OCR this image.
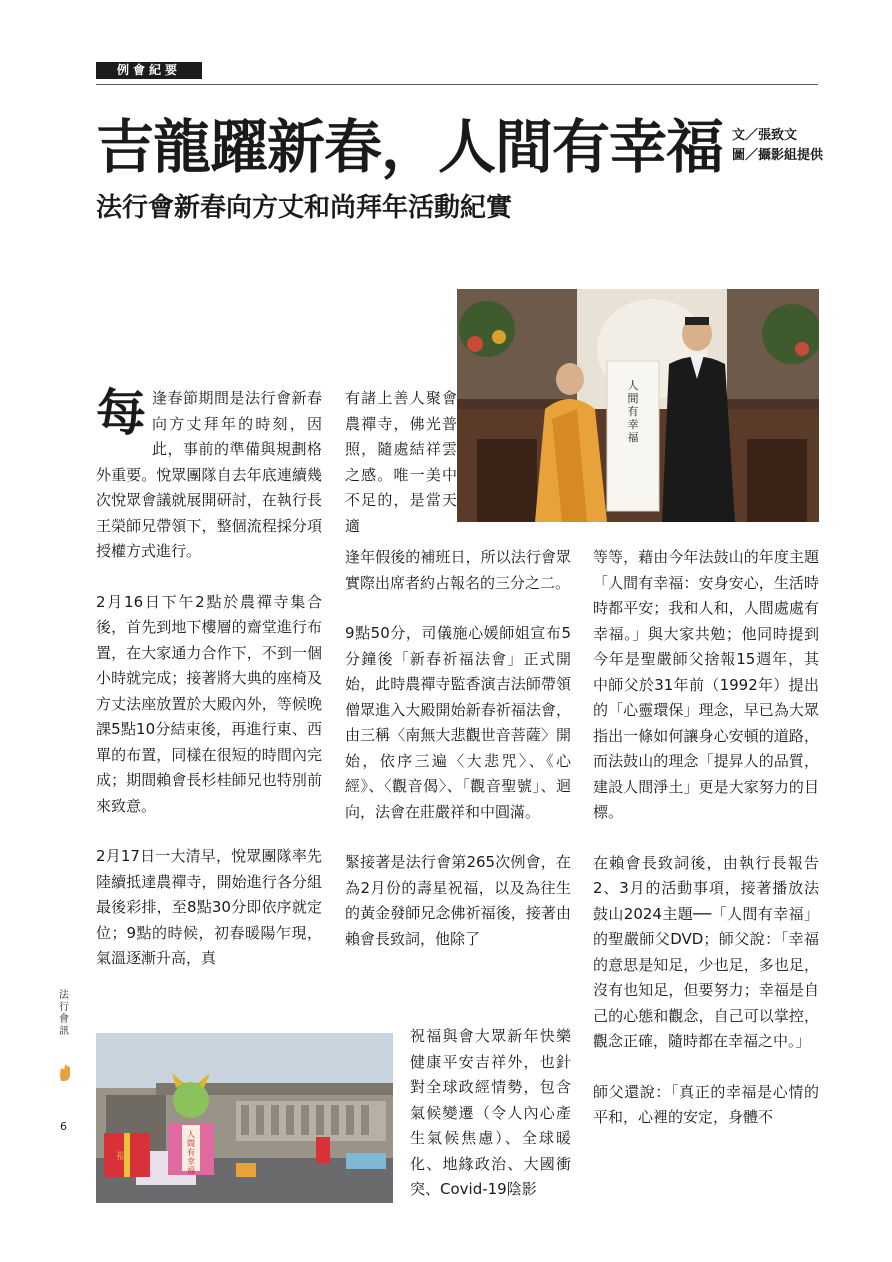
例會紀要
吉龍躍新春，人間有幸福
法行會新春向方丈和尚拜年活動紀實
文／張致文
圖／攝影組提供
人間有幸福

每逢春節期間是法行會新春向方丈拜年的時刻，因此，事前的準備與規劃格外重要。悅眾團隊自去年底連續幾次悅眾會議就展開研討，在執行長王榮師兄帶領下，整個流程採分項授權方式進行。

2月16日下午2點於農禪寺集合後，首先到地下樓層的齋堂進行布置，在大家通力合作下，不到一個小時就完成；接著將大典的座椅及方丈法座放置於大殿內外，等候晚課5點10分結束後，再進行東、西單的布置，同樣在很短的時間內完成；期間賴會長杉桂師兄也特別前來致意。

2月17日一大清早，悅眾團隊率先陸續抵達農禪寺，開始進行各分組最後彩排，至8點30分即依序就定位；9點的時候，初春暖陽乍現，氣溫逐漸升高，真

有諸上善人聚會農禪寺，佛光普照，隨處結祥雲之感。唯一美中不足的，是當天適

逢年假後的補班日，所以法行會眾實際出席者約占報名的三分之二。

9點50分，司儀施心媛師姐宣布5分鐘後「新春祈福法會」正式開始，此時農禪寺監香演吉法師帶領僧眾進入大殿開始新春祈福法會，由三稱〈南無大悲觀世音菩薩〉開始，依序三遍〈大悲咒〉、《心經》、〈觀音偈〉、「觀音聖號」、迴向，法會在莊嚴祥和中圓滿。

緊接著是法行會第265次例會，在為2月份的壽星祝福，以及為往生的黃金發師兄念佛祈福後，接著由賴會長致詞，他除了

祝福與會大眾新年快樂健康平安吉祥外，也針對全球政經情勢，包含氣候變遷（令人內心產生氣候焦慮）、全球暖化、地緣政治、大國衝突、Covid-19陰影

等等，藉由今年法鼓山的年度主題「人間有幸福：安身安心，生活時時都平安；我和人和，人間處處有幸福。」與大家共勉；他同時提到今年是聖嚴師父捨報15週年，其中師父於31年前（1992年）提出的「心靈環保」理念，早已為大眾指出一條如何讓身心安頓的道路，而法鼓山的理念「提昇人的品質，建設人間淨土」更是大家努力的目標。

在賴會長致詞後，由執行長報告2、3月的活動事項，接著播放法鼓山2024主題──「人間有幸福」的聖嚴師父DVD；師父說：「幸福的意思是知足，少也足，多也足，沒有也知足，但要努力；幸福是自己的心態和觀念，自己可以掌控，觀念正確，隨時都在幸福之中。」

師父還說：「真正的幸福是心情的平和，心裡的安定，身體不

福
人間有幸福
法行會訊
6
